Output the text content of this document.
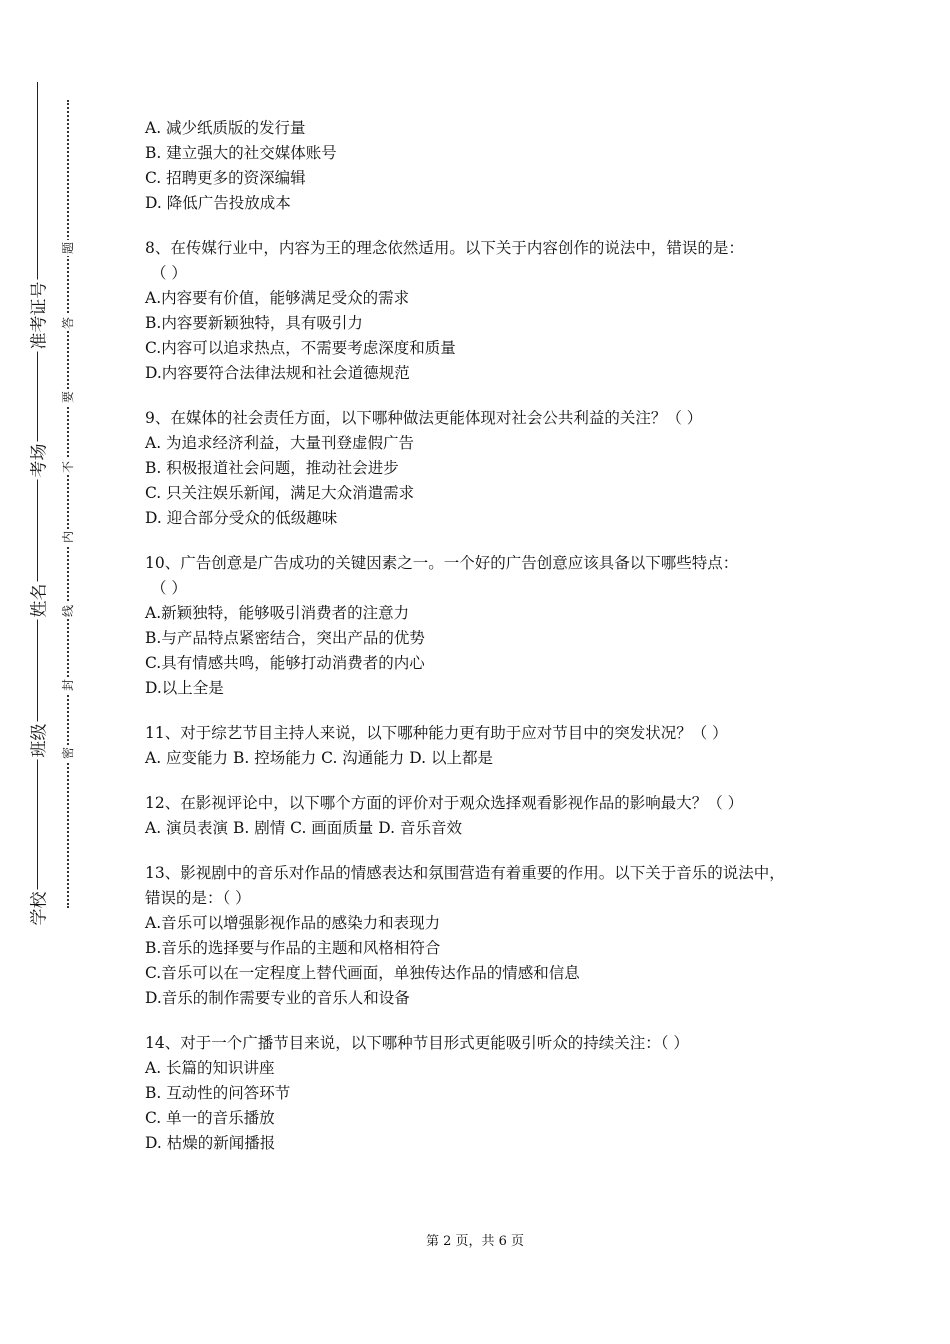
准考证号
考场
姓名
班级
学校
题
答
要
不
内
线
封
密
A. 减少纸质版的发行量
B. 建立强大的社交媒体账号
C. 招聘更多的资深编辑
D. 降低广告投放成本
8、在传媒行业中，内容为王的理念依然适用。以下关于内容创作的说法中，错误的是：
（ ）
A.内容要有价值，能够满足受众的需求
B.内容要新颖独特，具有吸引力
C.内容可以追求热点，不需要考虑深度和质量
D.内容要符合法律法规和社会道德规范
9、在媒体的社会责任方面，以下哪种做法更能体现对社会公共利益的关注？（ ）
A. 为追求经济利益，大量刊登虚假广告
B. 积极报道社会问题，推动社会进步
C. 只关注娱乐新闻，满足大众消遣需求
D. 迎合部分受众的低级趣味
10、广告创意是广告成功的关键因素之一。一个好的广告创意应该具备以下哪些特点：
（ ）
A.新颖独特，能够吸引消费者的注意力
B.与产品特点紧密结合，突出产品的优势
C.具有情感共鸣，能够打动消费者的内心
D.以上全是
11、对于综艺节目主持人来说，以下哪种能力更有助于应对节目中的突发状况？（ ）
A. 应变能力 B. 控场能力 C. 沟通能力 D. 以上都是
12、在影视评论中，以下哪个方面的评价对于观众选择观看影视作品的影响最大？（ ）
A. 演员表演 B. 剧情 C. 画面质量 D. 音乐音效
13、影视剧中的音乐对作品的情感表达和氛围营造有着重要的作用。以下关于音乐的说法中，
错误的是：（ ）
A.音乐可以增强影视作品的感染力和表现力
B.音乐的选择要与作品的主题和风格相符合
C.音乐可以在一定程度上替代画面，单独传达作品的情感和信息
D.音乐的制作需要专业的音乐人和设备
14、对于一个广播节目来说，以下哪种节目形式更能吸引听众的持续关注：（ ）
A. 长篇的知识讲座
B. 互动性的问答环节
C. 单一的音乐播放
D. 枯燥的新闻播报
第 2 页，共 6 页
